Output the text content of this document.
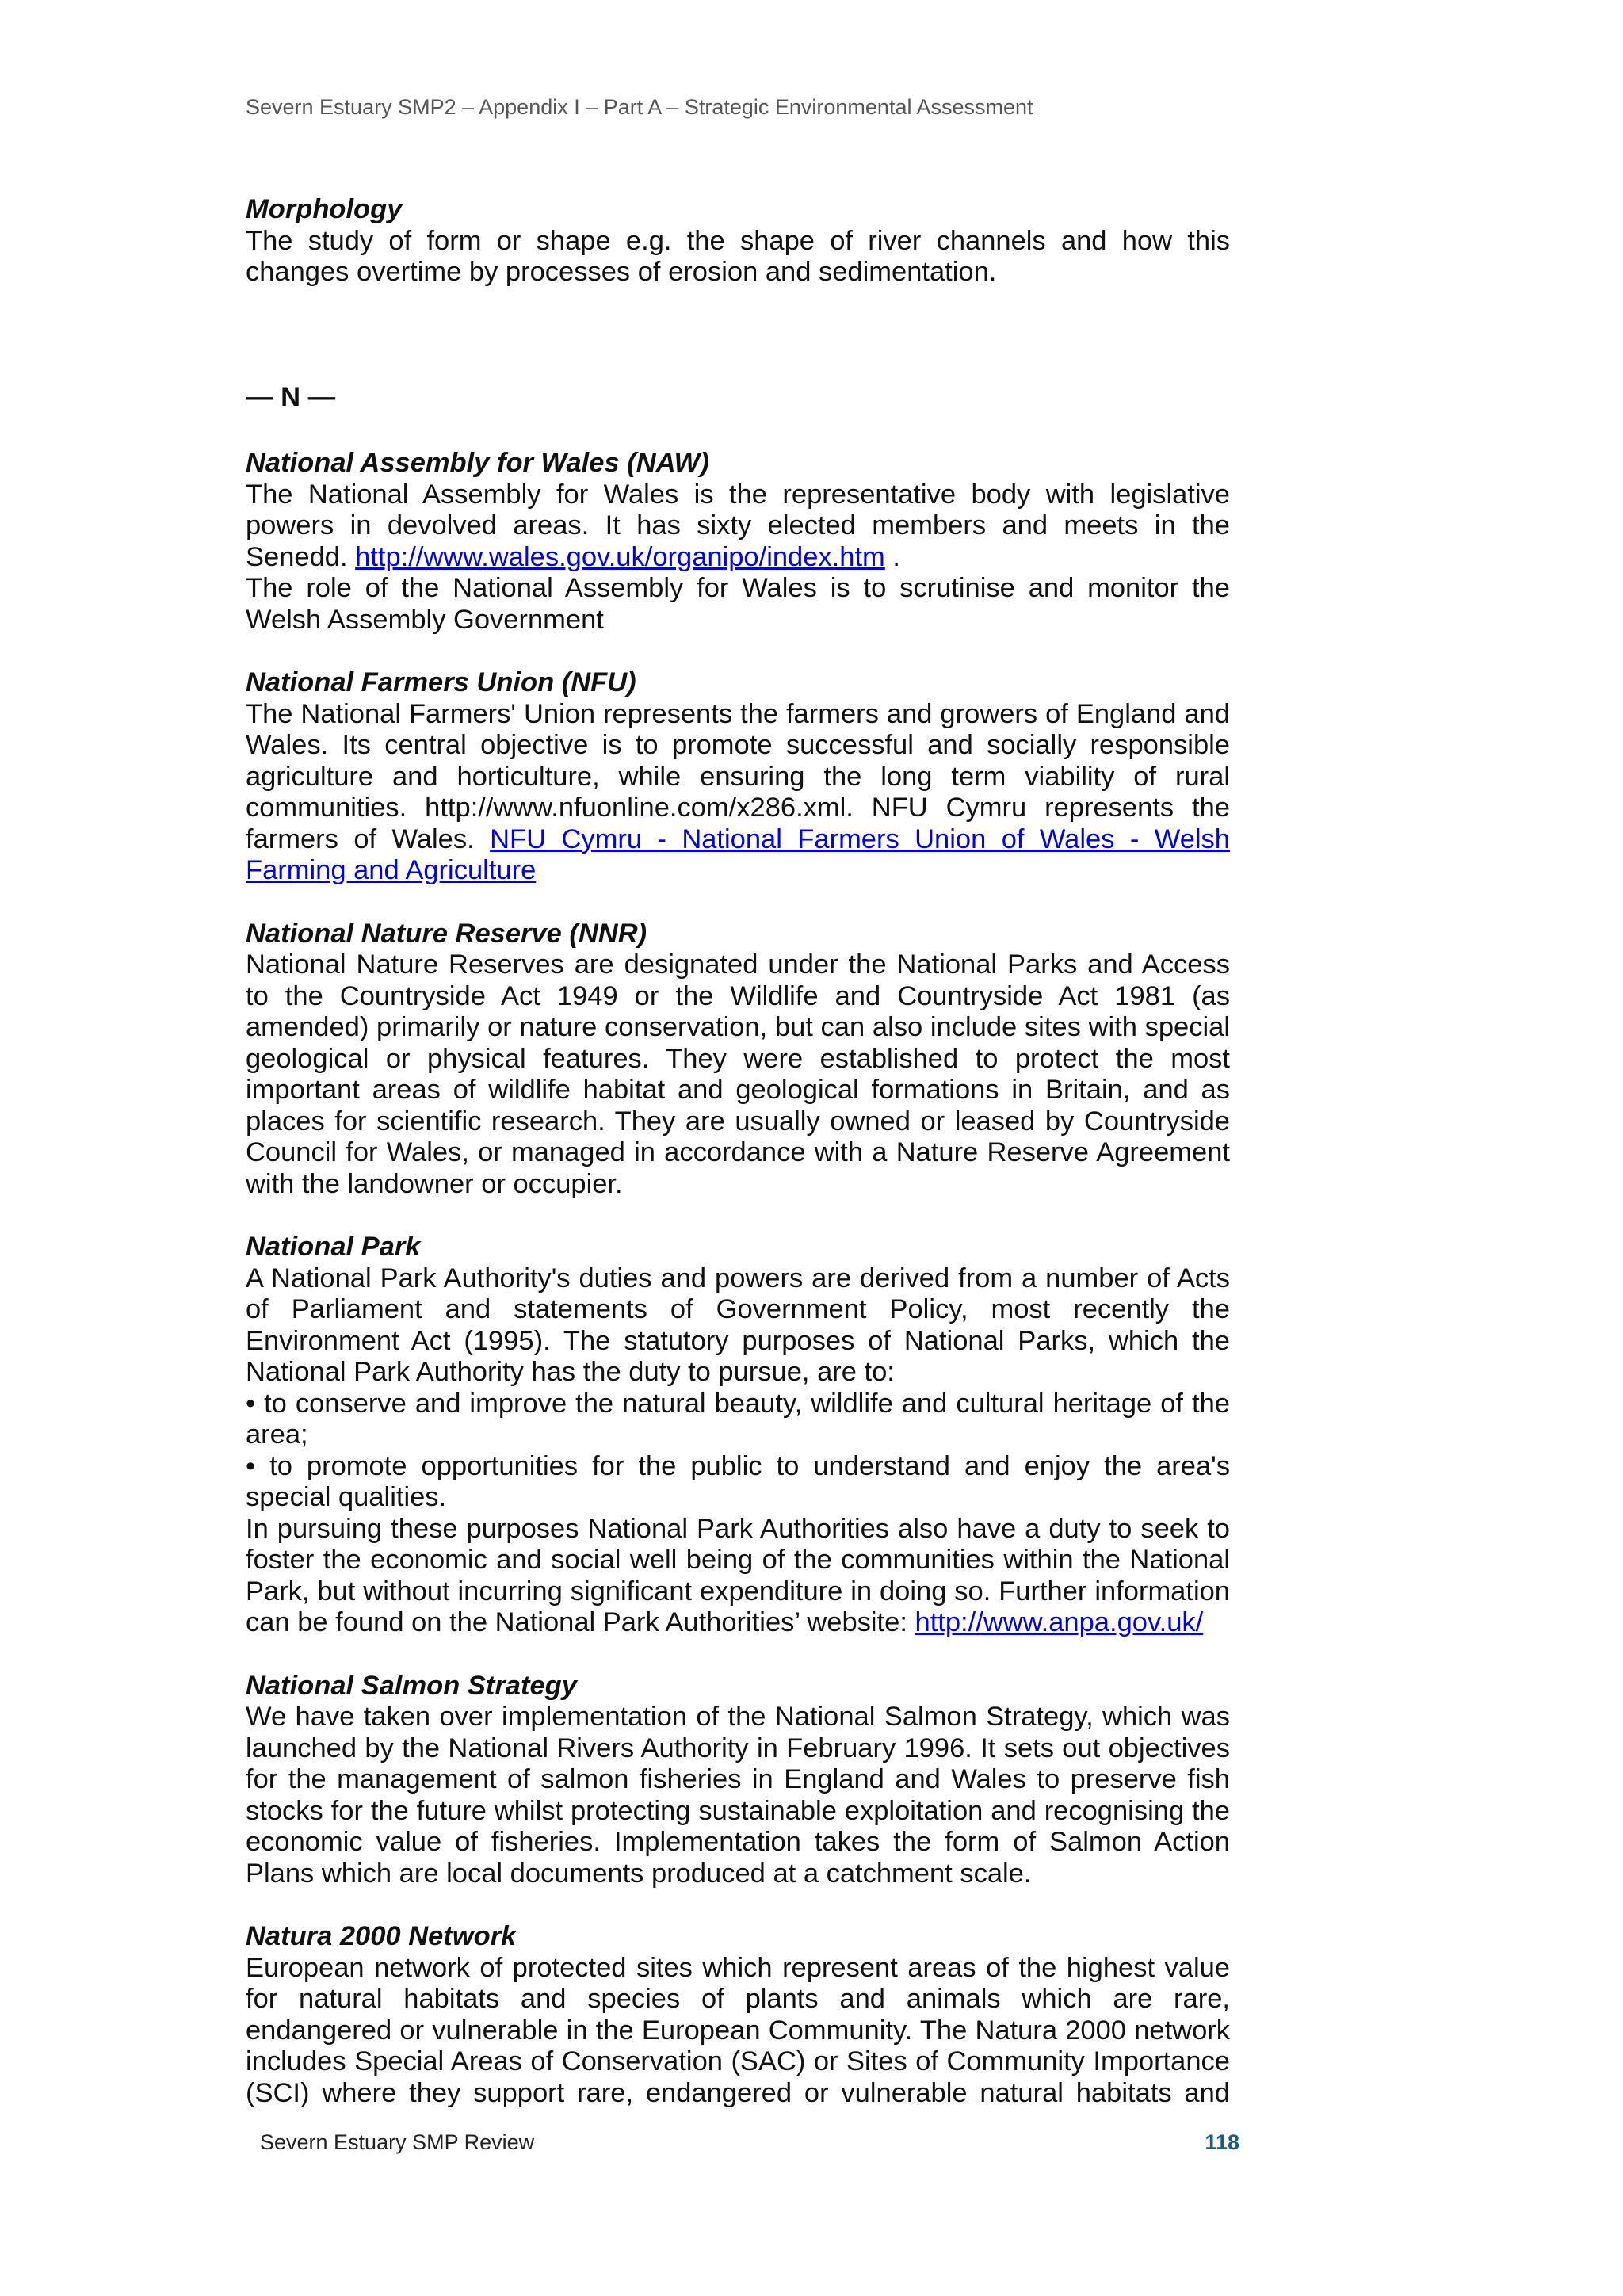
Severn Estuary SMP2 – Appendix I – Part A – Strategic Environmental Assessment

Morphology

The study of form or shape e.g. the shape of river channels and how this changes overtime by processes of erosion and sedimentation.

— N —

National Assembly for Wales (NAW)

The National Assembly for Wales is the representative body with legislative powers in devolved areas. It has sixty elected members and meets in the Senedd. http://www.wales.gov.uk/organipo/index.htm .

The role of the National Assembly for Wales is to scrutinise and monitor the Welsh Assembly Government

National Farmers Union (NFU)

The National Farmers' Union represents the farmers and growers of England and Wales. Its central objective is to promote successful and socially responsible agriculture and horticulture, while ensuring the long term viability of rural communities. http://www.nfuonline.com/x286.xml. NFU Cymru represents the farmers of Wales. NFU Cymru - National Farmers Union of Wales - Welsh Farming and Agriculture

National Nature Reserve (NNR)

National Nature Reserves are designated under the National Parks and Access to the Countryside Act 1949 or the Wildlife and Countryside Act 1981 (as amended) primarily or nature conservation, but can also include sites with special geological or physical features. They were established to protect the most important areas of wildlife habitat and geological formations in Britain, and as places for scientific research. They are usually owned or leased by Countryside Council for Wales, or managed in accordance with a Nature Reserve Agreement with the landowner or occupier.

National Park

A National Park Authority's duties and powers are derived from a number of Acts of Parliament and statements of Government Policy, most recently the Environment Act (1995). The statutory purposes of National Parks, which the National Park Authority has the duty to pursue, are to:

• to conserve and improve the natural beauty, wildlife and cultural heritage of the area;

• to promote opportunities for the public to understand and enjoy the area's special qualities.

In pursuing these purposes National Park Authorities also have a duty to seek to foster the economic and social well being of the communities within the National Park, but without incurring significant expenditure in doing so. Further information can be found on the National Park Authorities’ website: http://www.anpa.gov.uk/

National Salmon Strategy

We have taken over implementation of the National Salmon Strategy, which was launched by the National Rivers Authority in February 1996. It sets out objectives for the management of salmon fisheries in England and Wales to preserve fish stocks for the future whilst protecting sustainable exploitation and recognising the economic value of fisheries. Implementation takes the form of Salmon Action Plans which are local documents produced at a catchment scale.

Natura 2000 Network

European network of protected sites which represent areas of the highest value for natural habitats and species of plants and animals which are rare, endangered or vulnerable in the European Community. The Natura 2000 network includes Special Areas of Conservation (SAC) or Sites of Community Importance (SCI) where they support rare, endangered or vulnerable natural habitats and

Severn Estuary SMP Review	118
